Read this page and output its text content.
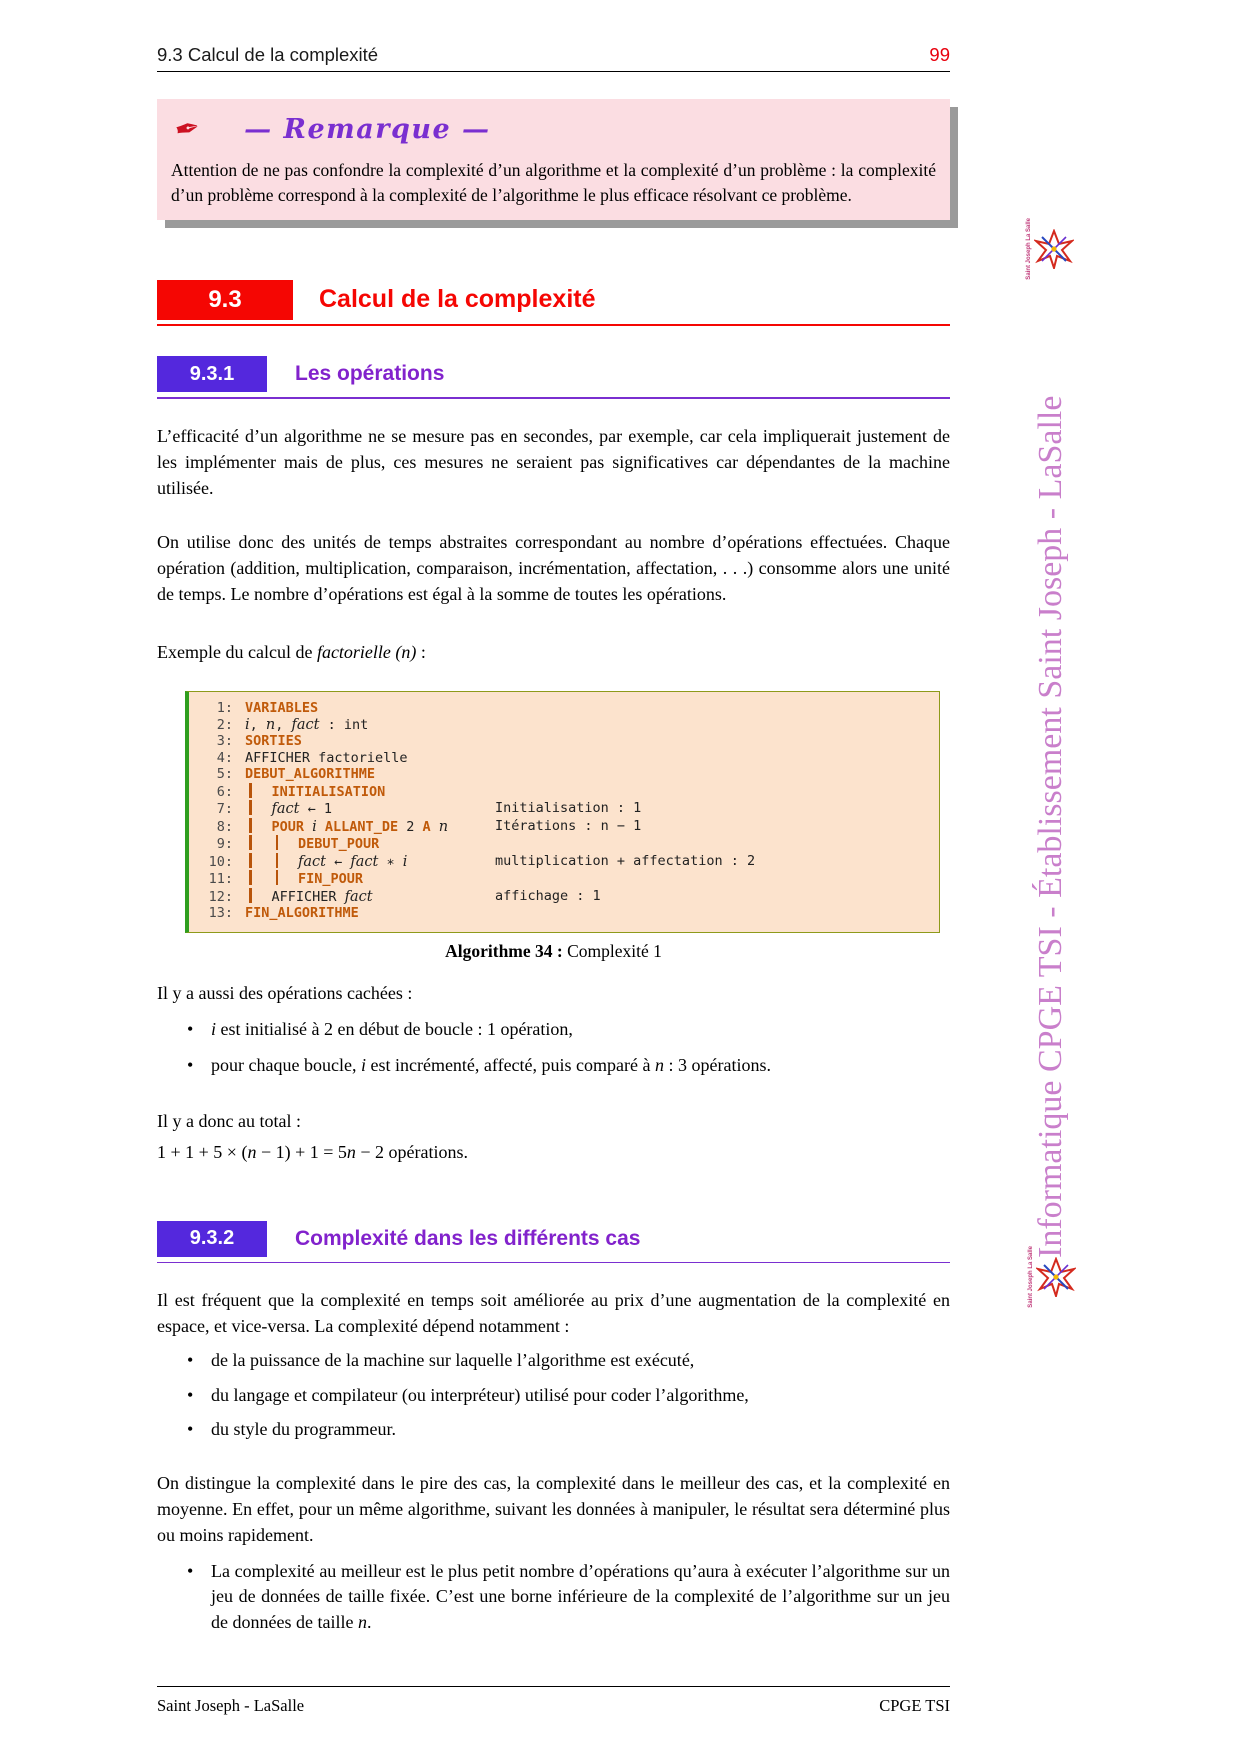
9.3 Calcul de la complexité	99
✒ — Remarque —
Attention de ne pas confondre la complexité d’un algorithme et la complexité d’un problème : la complexité d’un problème correspond à la complexité de l’algorithme le plus efficace résolvant ce problème.
9.3	Calcul de la complexité
9.3.1	Les opérations
L’efficacité d’un algorithme ne se mesure pas en secondes, par exemple, car cela impliquerait justement de les implémenter mais de plus, ces mesures ne seraient pas significatives car dépendantes de la machine utilisée.
On utilise donc des unités de temps abstraites correspondant au nombre d’opérations effectuées. Chaque opération (addition, multiplication, comparaison, incrémentation, affectation, . . .) consomme alors une unité de temps. Le nombre d’opérations est égal à la somme de toutes les opérations.
Exemple du calcul de factorielle (n) :
1: VARIABLES
2: i, n, fact : int
3: SORTIES
4: AFFICHER factorielle
5: DEBUT_ALGORITHME
6:	INITIALISATION
7:	fact ← 1	Initialisation : 1
8:	POUR i ALLANT_DE 2 A n	Itérations : n − 1
9:	DEBUT_POUR
10:	fact ← fact ∗ i	multiplication + affectation : 2
11:	FIN_POUR
12:	AFFICHER fact	affichage : 1
13: FIN_ALGORITHME
Algorithme 34 : Complexité 1
Il y a aussi des opérations cachées :
• i est initialisé à 2 en début de boucle : 1 opération,
• pour chaque boucle, i est incrémenté, affecté, puis comparé à n : 3 opérations.
Il y a donc au total :
1 + 1 + 5 × (n − 1) + 1 = 5n − 2 opérations.
9.3.2	Complexité dans les différents cas
Il est fréquent que la complexité en temps soit améliorée au prix d’une augmentation de la complexité en espace, et vice-versa. La complexité dépend notamment :
• de la puissance de la machine sur laquelle l’algorithme est exécuté,
• du langage et compilateur (ou interpréteur) utilisé pour coder l’algorithme,
• du style du programmeur.
On distingue la complexité dans le pire des cas, la complexité dans le meilleur des cas, et la complexité en moyenne. En effet, pour un même algorithme, suivant les données à manipuler, le résultat sera déterminé plus ou moins rapidement.
• La complexité au meilleur est le plus petit nombre d’opérations qu’aura à exécuter l’algorithme sur un jeu de données de taille fixée. C’est une borne inférieure de la complexité de l’algorithme sur un jeu de données de taille n.
Saint Joseph - LaSalle	CPGE TSI
Informatique CPGE TSI - Établissement Saint Joseph - LaSalle
Saint Joseph La Salle
Saint Joseph La Salle
